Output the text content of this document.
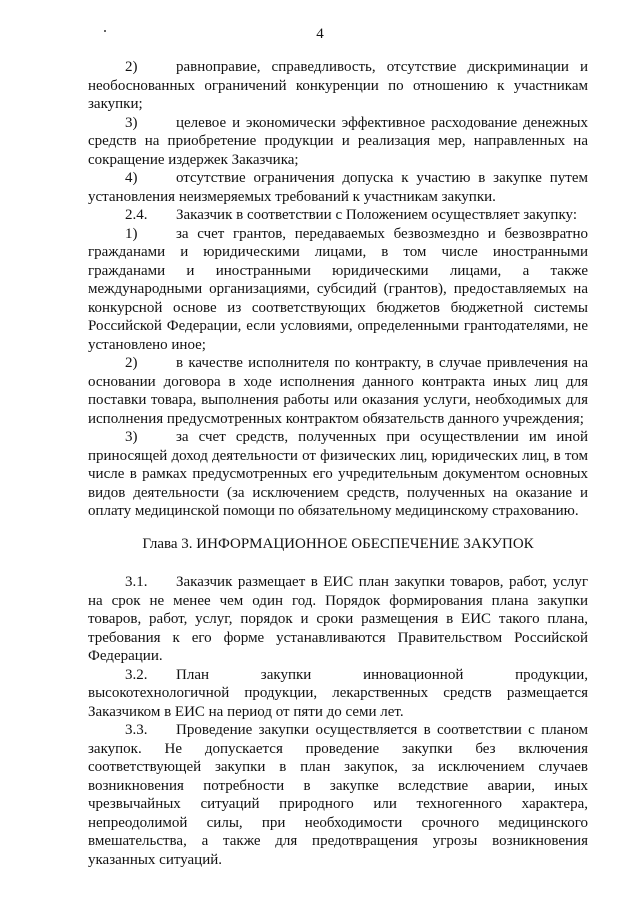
4

2)	равноправие, справедливость, отсутствие дискриминации и необоснованных ограничений конкуренции по отношению к участникам закупки;

3)	целевое и экономически эффективное расходование денежных средств на приобретение продукции и реализация мер, направленных на сокращение издержек Заказчика;

4)	отсутствие ограничения допуска к участию в закупке путем установления неизмеряемых требований к участникам закупки.

2.4. Заказчик в соответствии с Положением осуществляет закупку:

1)	за счет грантов, передаваемых безвозмездно и безвозвратно гражданами и юридическими лицами, в том числе иностранными гражданами и иностранными юридическими лицами, а также международными организациями, субсидий (грантов), предоставляемых на конкурсной основе из соответствующих бюджетов бюджетной системы Российской Федерации, если условиями, определенными грантодателями, не установлено иное;

2)	в качестве исполнителя по контракту, в случае привлечения на основании договора в ходе исполнения данного контракта иных лиц для поставки товара, выполнения работы или оказания услуги, необходимых для исполнения предусмотренных контрактом обязательств данного учреждения;

3)	за счет средств, полученных при осуществлении им иной приносящей доход деятельности от физических лиц, юридических лиц, в том числе в рамках предусмотренных его учредительным документом основных видов деятельности (за исключением средств, полученных на оказание и оплату медицинской помощи по обязательному медицинскому страхованию.

Глава 3. ИНФОРМАЦИОННОЕ ОБЕСПЕЧЕНИЕ ЗАКУПОК

3.1. Заказчик размещает в ЕИС план закупки товаров, работ, услуг на срок не менее чем один год. Порядок формирования плана закупки товаров, работ, услуг, порядок и сроки размещения в ЕИС такого плана, требования к его форме устанавливаются Правительством Российской Федерации.

3.2. План закупки инновационной продукции, высокотехнологичной продукции, лекарственных средств размещается Заказчиком в ЕИС на период от пяти до семи лет.

3.3. Проведение закупки осуществляется в соответствии с планом закупок. Не допускается проведение закупки без включения соответствующей закупки в план закупок, за исключением случаев возникновения потребности в закупке вследствие аварии, иных чрезвычайных ситуаций природного или техногенного характера, непреодолимой силы, при необходимости срочного медицинского вмешательства, а также для предотвращения угрозы возникновения указанных ситуаций.
